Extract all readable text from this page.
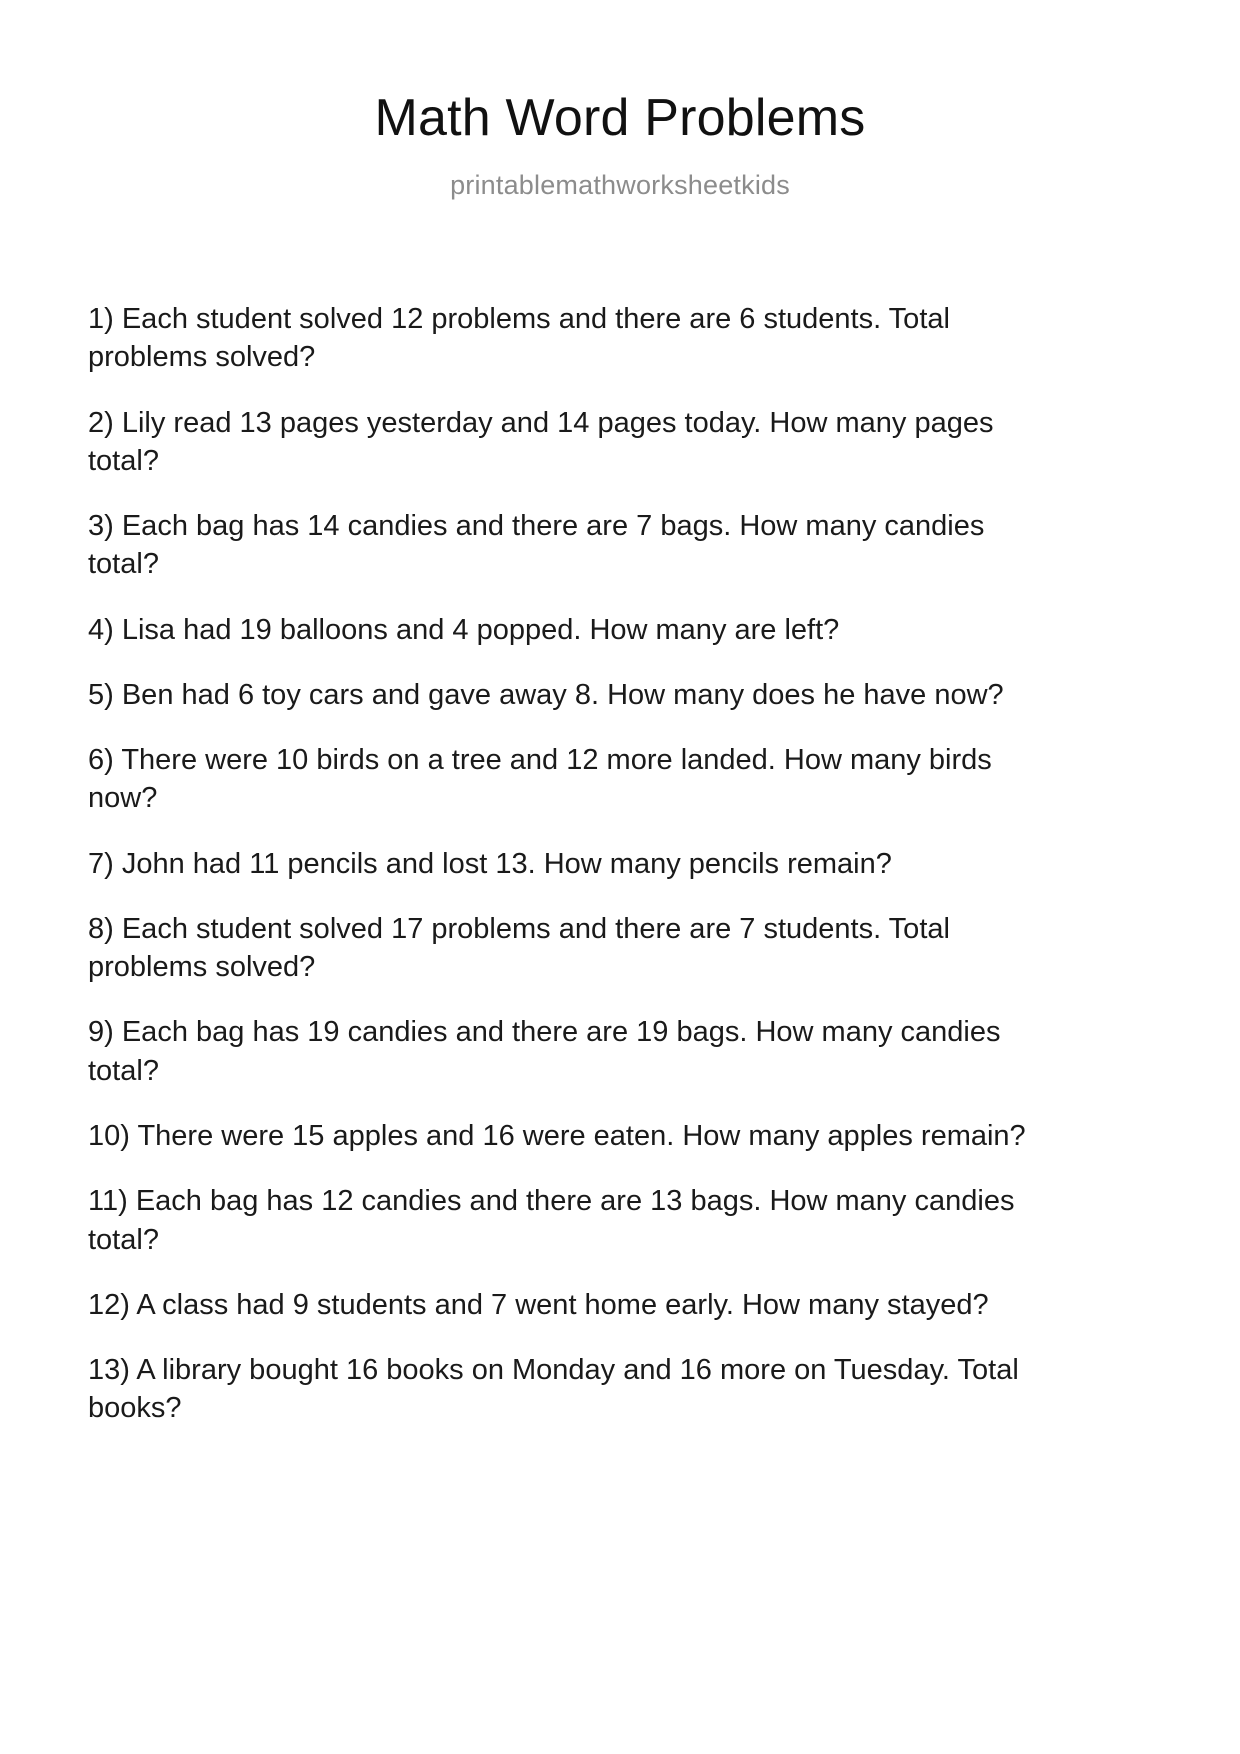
Math Word Problems
printablemathworksheetkids
1) Each student solved 12 problems and there are 6 students. Total problems solved?
2) Lily read 13 pages yesterday and 14 pages today. How many pages total?
3) Each bag has 14 candies and there are 7 bags. How many candies total?
4) Lisa had 19 balloons and 4 popped. How many are left?
5) Ben had 6 toy cars and gave away 8. How many does he have now?
6) There were 10 birds on a tree and 12 more landed. How many birds now?
7) John had 11 pencils and lost 13. How many pencils remain?
8) Each student solved 17 problems and there are 7 students. Total problems solved?
9) Each bag has 19 candies and there are 19 bags. How many candies total?
10) There were 15 apples and 16 were eaten. How many apples remain?
11) Each bag has 12 candies and there are 13 bags. How many candies total?
12) A class had 9 students and 7 went home early. How many stayed?
13) A library bought 16 books on Monday and 16 more on Tuesday. Total books?
